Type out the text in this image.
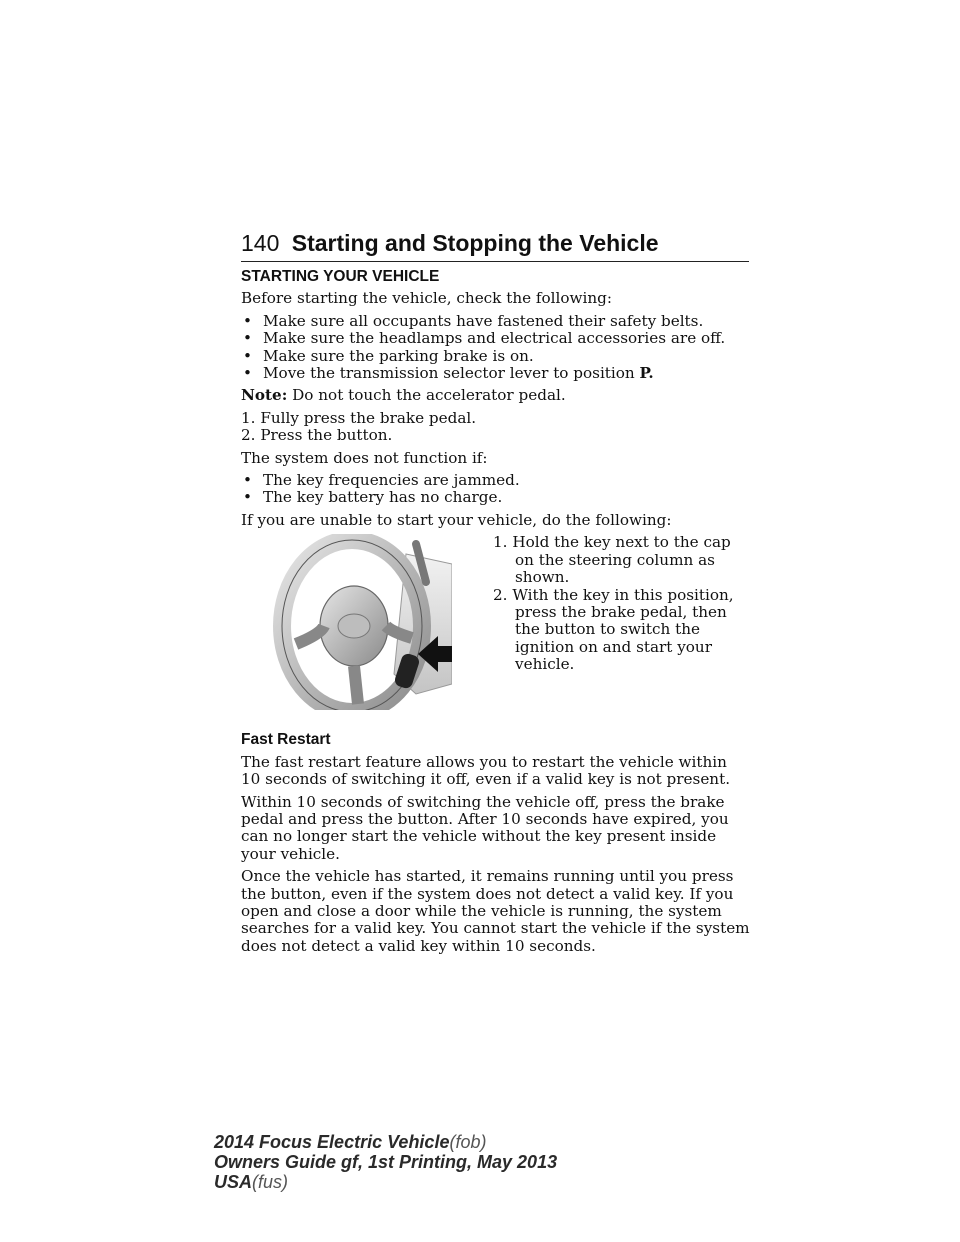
140 Starting and Stopping the Vehicle
STARTING YOUR VEHICLE

Before starting the vehicle, check the following:

• Make sure all occupants have fastened their safety belts.
• Make sure the headlamps and electrical accessories are off.
• Make sure the parking brake is on.
• Move the transmission selector lever to position P.

Note: Do not touch the accelerator pedal.

1. Fully press the brake pedal.
2. Press the button.

The system does not function if:

• The key frequencies are jammed.
• The key battery has no charge.

If you are unable to start your vehicle, do the following:

1. Hold the key next to the cap on the steering column as shown.
2. With the key in this position, press the brake pedal, then the button to switch the ignition on and start your vehicle.
Fast Restart

The fast restart feature allows you to restart the vehicle within 10 seconds of switching it off, even if a valid key is not present.

Within 10 seconds of switching the vehicle off, press the brake pedal and press the button. After 10 seconds have expired, you can no longer start the vehicle without the key present inside your vehicle.

Once the vehicle has started, it remains running until you press the button, even if the system does not detect a valid key. If you open and close a door while the vehicle is running, the system searches for a valid key. You cannot start the vehicle if the system does not detect a valid key within 10 seconds.

2014 Focus Electric Vehicle(fob)
Owners Guide gf, 1st Printing, May 2013
USA(fus)
